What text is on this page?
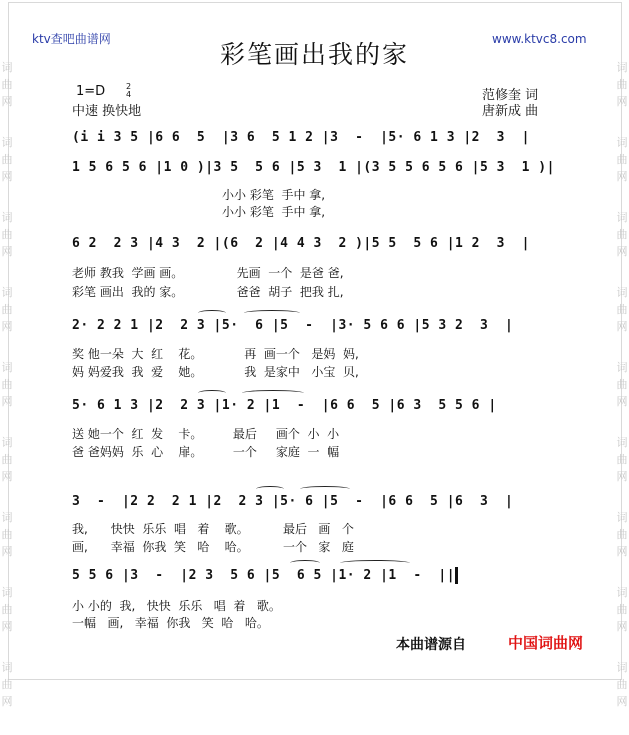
词
曲
网
词
曲
网
词
曲
网
词
曲
网
词
曲
网
词
曲
网
词
曲
网
词
曲
网
词
曲
网
词
曲
网
词
曲
网
词
曲
网
词
曲
网
词
曲
网
词
曲
网
词
曲
网
词
曲
网
词
曲
网
ktv查吧曲谱网	www.ktvc8.com
彩笔画出我的家
1=D	2
4
中速 换快地
范修奎 词
唐新成 曲
(i i 3 5 |6 6  5  |3 6  5 1 2 |3  -  |5· 6 1 3 |2  3  |
1 5 6 5 6 |1 0 )|3 5  5 6 |5 3  1 |(3 5 5 6 5 6 |5 3  1 )|
小小 彩笔  手中 拿,
小小 彩笔  手中 拿,
6 2  2 3 |4 3  2 |(6  2 |4 4 3  2 )|5 5  5 6 |1 2  3  |
老师 教我  学画 画。              先画  一个  是爸 爸,
彩笔 画出  我的 家。              爸爸  胡子  把我 扎,
2· 2 2 1 |2  2 3 |5·  6 |5  -  |3· 5 6 6 |5 3 2  3  |
奖 他一朵  大  红    花。           再  画一个   是妈  妈,
妈 妈爱我  我  爱    她。           我  是家中   小宝  贝,
5· 6 1 3 |2  2 3 |1· 2 |1  -  |6 6  5 |6 3  5 5 6 |
送 她一个  红  发    卡。        最后     画个  小  小
爸 爸妈妈  乐  心    扉。        一个     家庭  一  幅
3  -  |2 2  2 1 |2  2 3 |5· 6 |5  -  |6 6  5 |6  3  |
我,      快快  乐乐  唱   着    歌。         最后   画   个
画,      幸福  你我  笑   哈    哈。         一个   家   庭
5 5 6 |3  -  |2 3  5 6 |5  6 5 |1· 2 |1  -  ||
小 小的  我,   快快  乐乐   唱  着   歌。
一幅   画,   幸福  你我   笑  哈   哈。
本曲谱源自	中国词曲网
